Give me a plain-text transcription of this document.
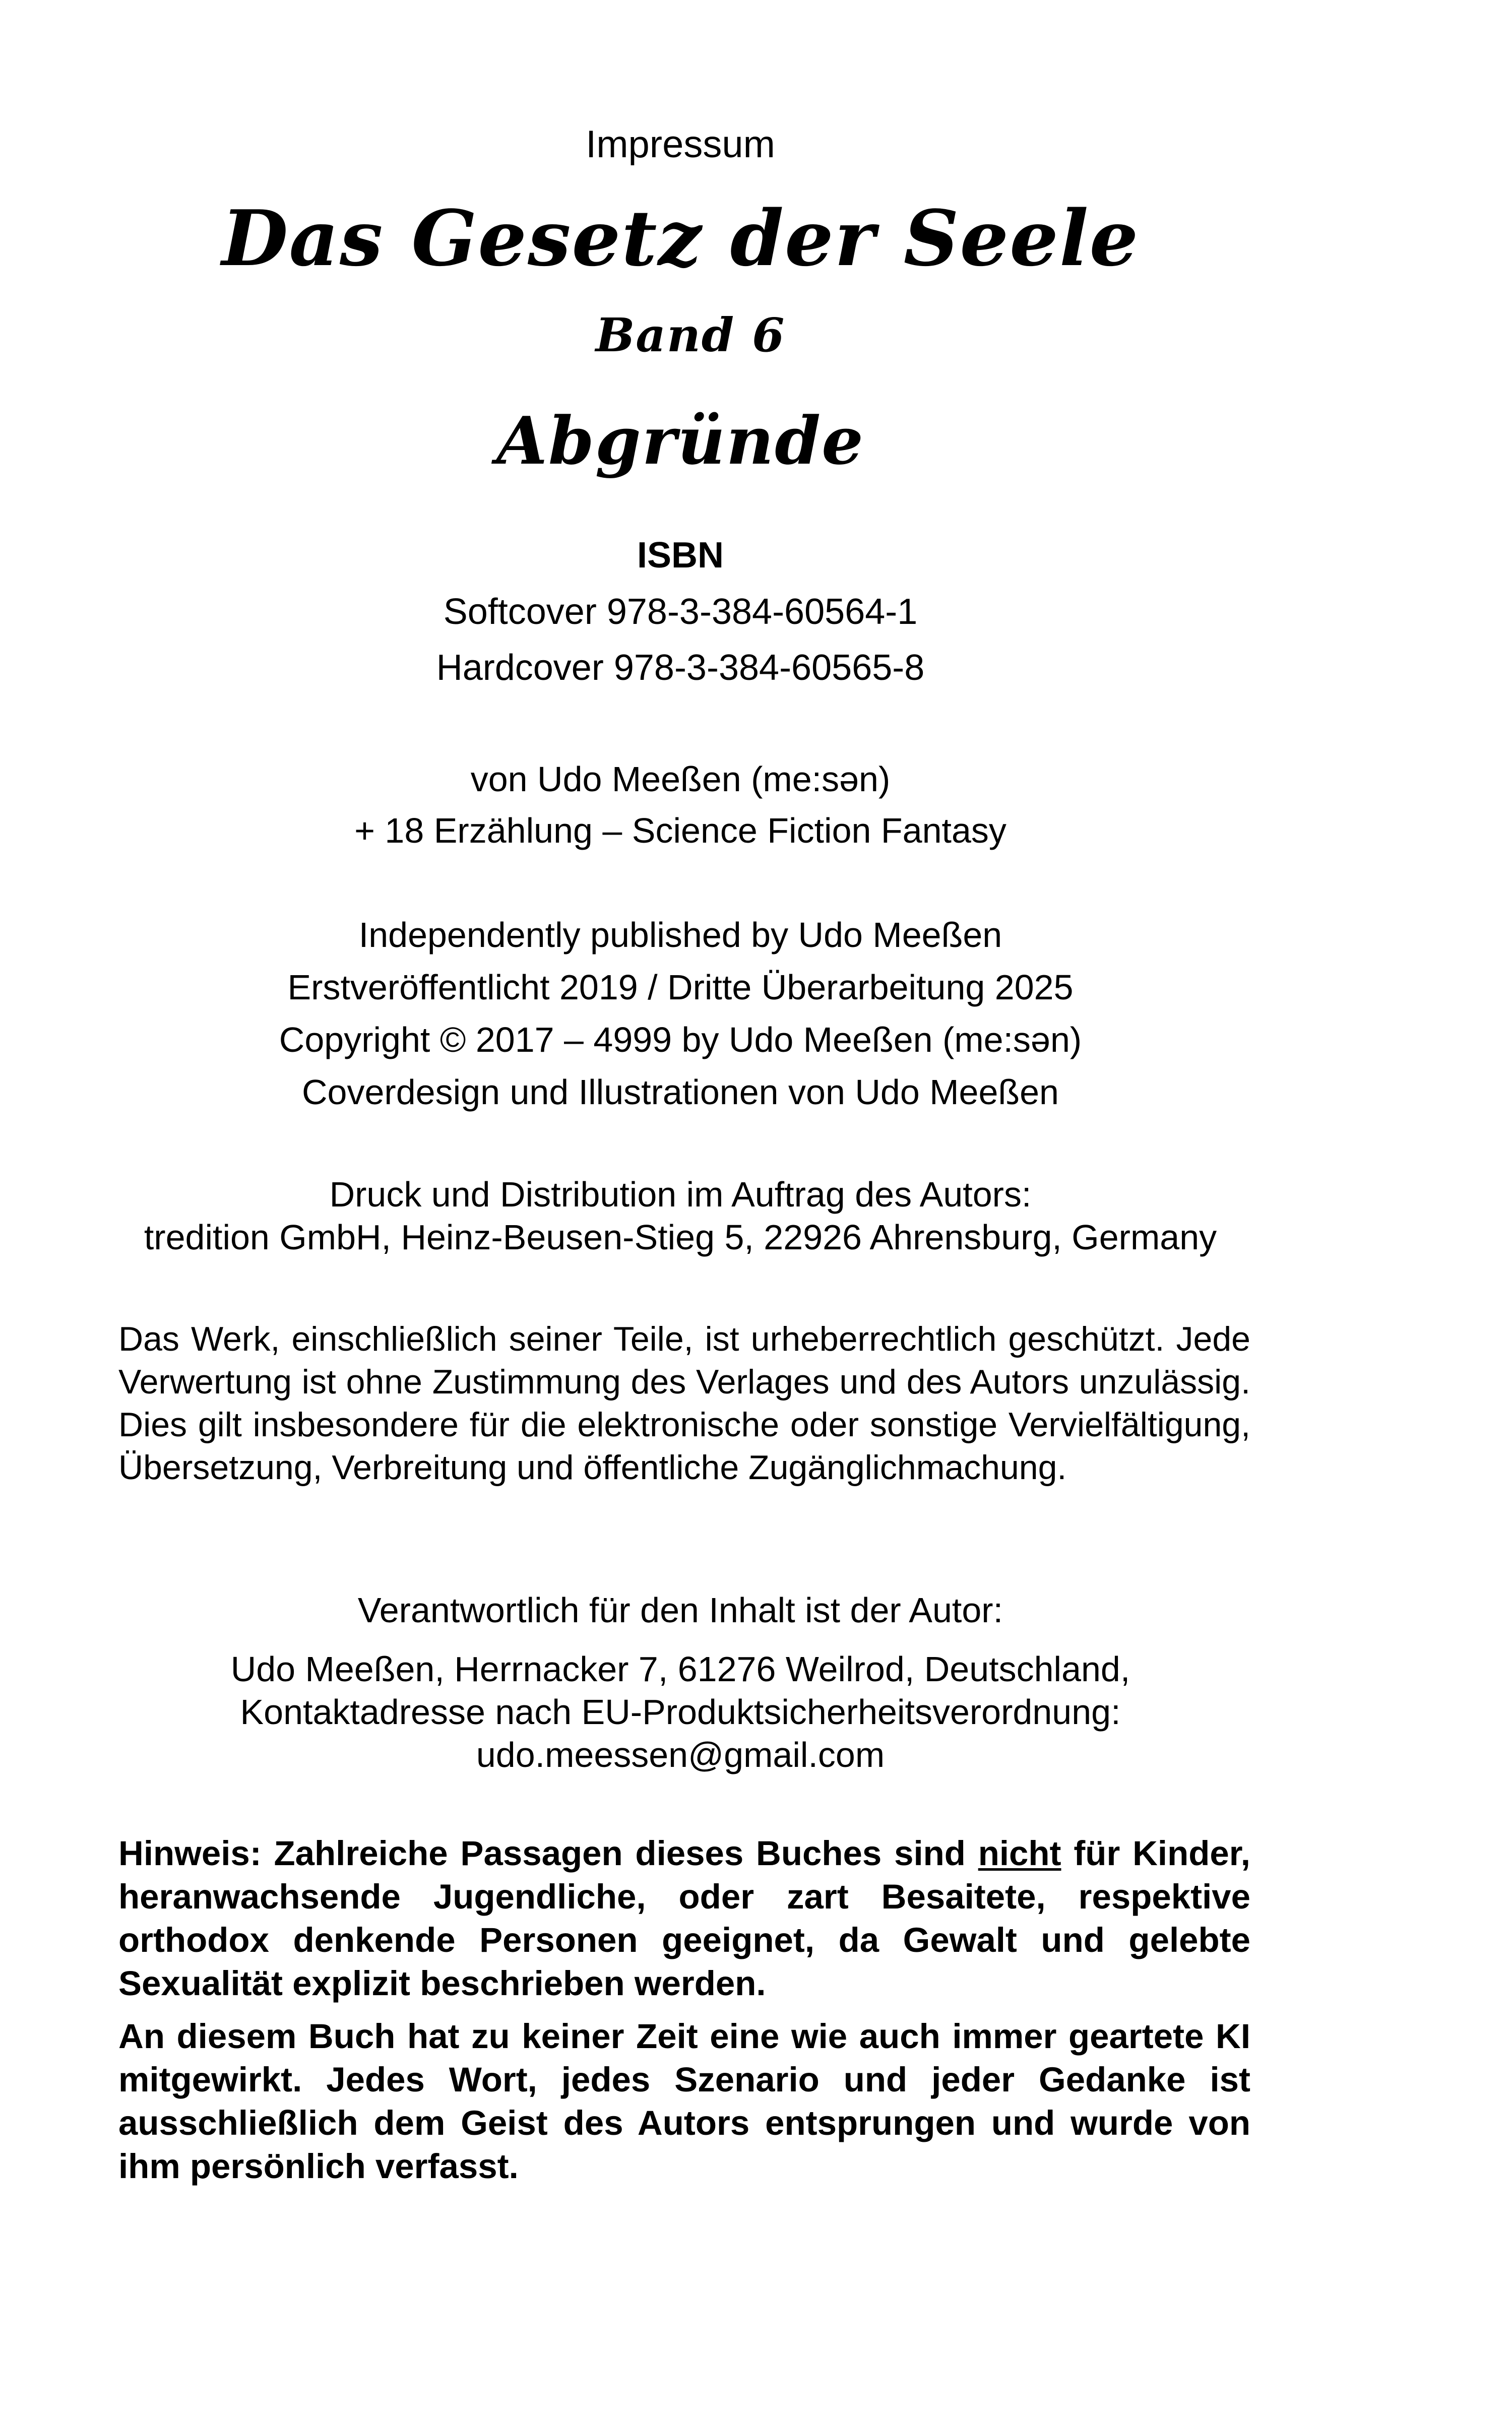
Impressum
Das Gesetz der Seele
Band 6
Abgründe
ISBN
Softcover 978-3-384-60564-1
Hardcover 978-3-384-60565-8
von Udo Meeßen (me:sən)
+ 18 Erzählung – Science Fiction Fantasy
Independently published by Udo Meeßen
Erstveröffentlicht 2019 / Dritte Überarbeitung 2025
Copyright © 2017 – 4999 by Udo Meeßen (me:sən)
Coverdesign und Illustrationen von Udo Meeßen
Druck und Distribution im Auftrag des Autors:
tredition GmbH, Heinz-Beusen-Stieg 5, 22926 Ahrensburg, Germany
Das Werk, einschließlich seiner Teile, ist urheberrechtlich geschützt. Jede Verwertung ist ohne Zustimmung des Verlages und des Autors unzulässig. Dies gilt insbesondere für die elektronische oder sonstige Vervielfältigung, Übersetzung, Verbreitung und öffentliche Zugänglichmachung.
Verantwortlich für den Inhalt ist der Autor:
Udo Meeßen, Herrnacker 7, 61276 Weilrod, Deutschland,
Kontaktadresse nach EU-Produktsicherheitsverordnung:
udo.meessen@gmail.com
Hinweis: Zahlreiche Passagen dieses Buches sind nicht für Kinder, heranwachsende Jugendliche, oder zart Besaitete, respektive orthodox denkende Personen geeignet, da Gewalt und gelebte Sexualität explizit beschrieben werden.
An diesem Buch hat zu keiner Zeit eine wie auch immer geartete KI mitgewirkt. Jedes Wort, jedes Szenario und jeder Gedanke ist ausschließlich dem Geist des Autors entsprungen und wurde von ihm persönlich verfasst.
